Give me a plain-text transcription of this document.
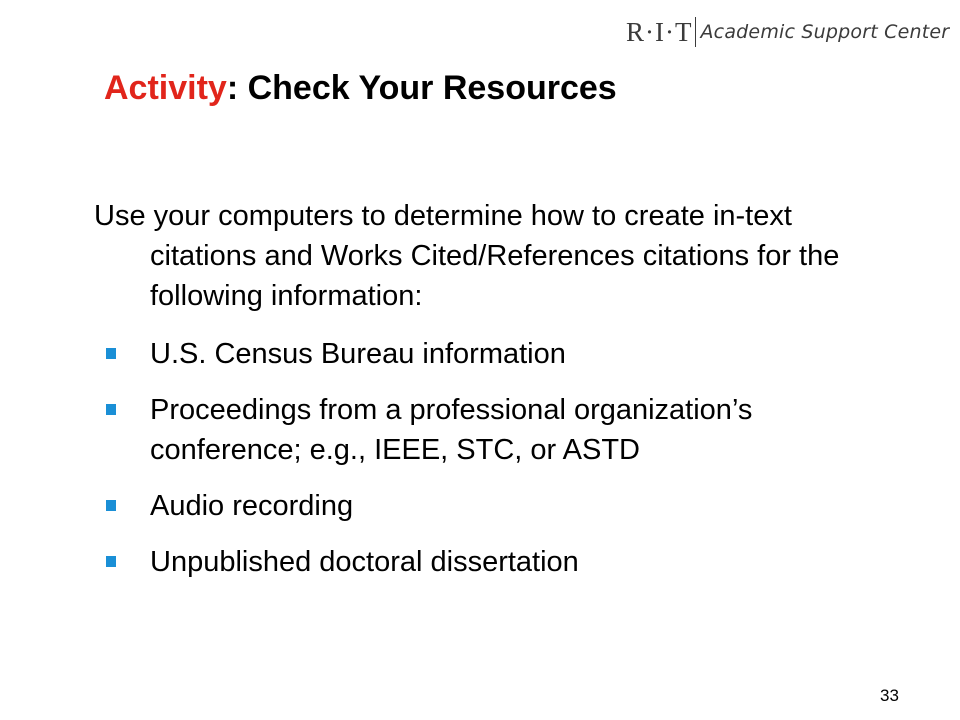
R·I·T Academic Support Center
Activity: Check Your Resources

Use your computers to determine how to create in-text citations and Works Cited/References citations for the following information:

U.S. Census Bureau information
Proceedings from a professional organization’s conference; e.g., IEEE, STC, or ASTD
Audio recording
Unpublished doctoral dissertation
33
